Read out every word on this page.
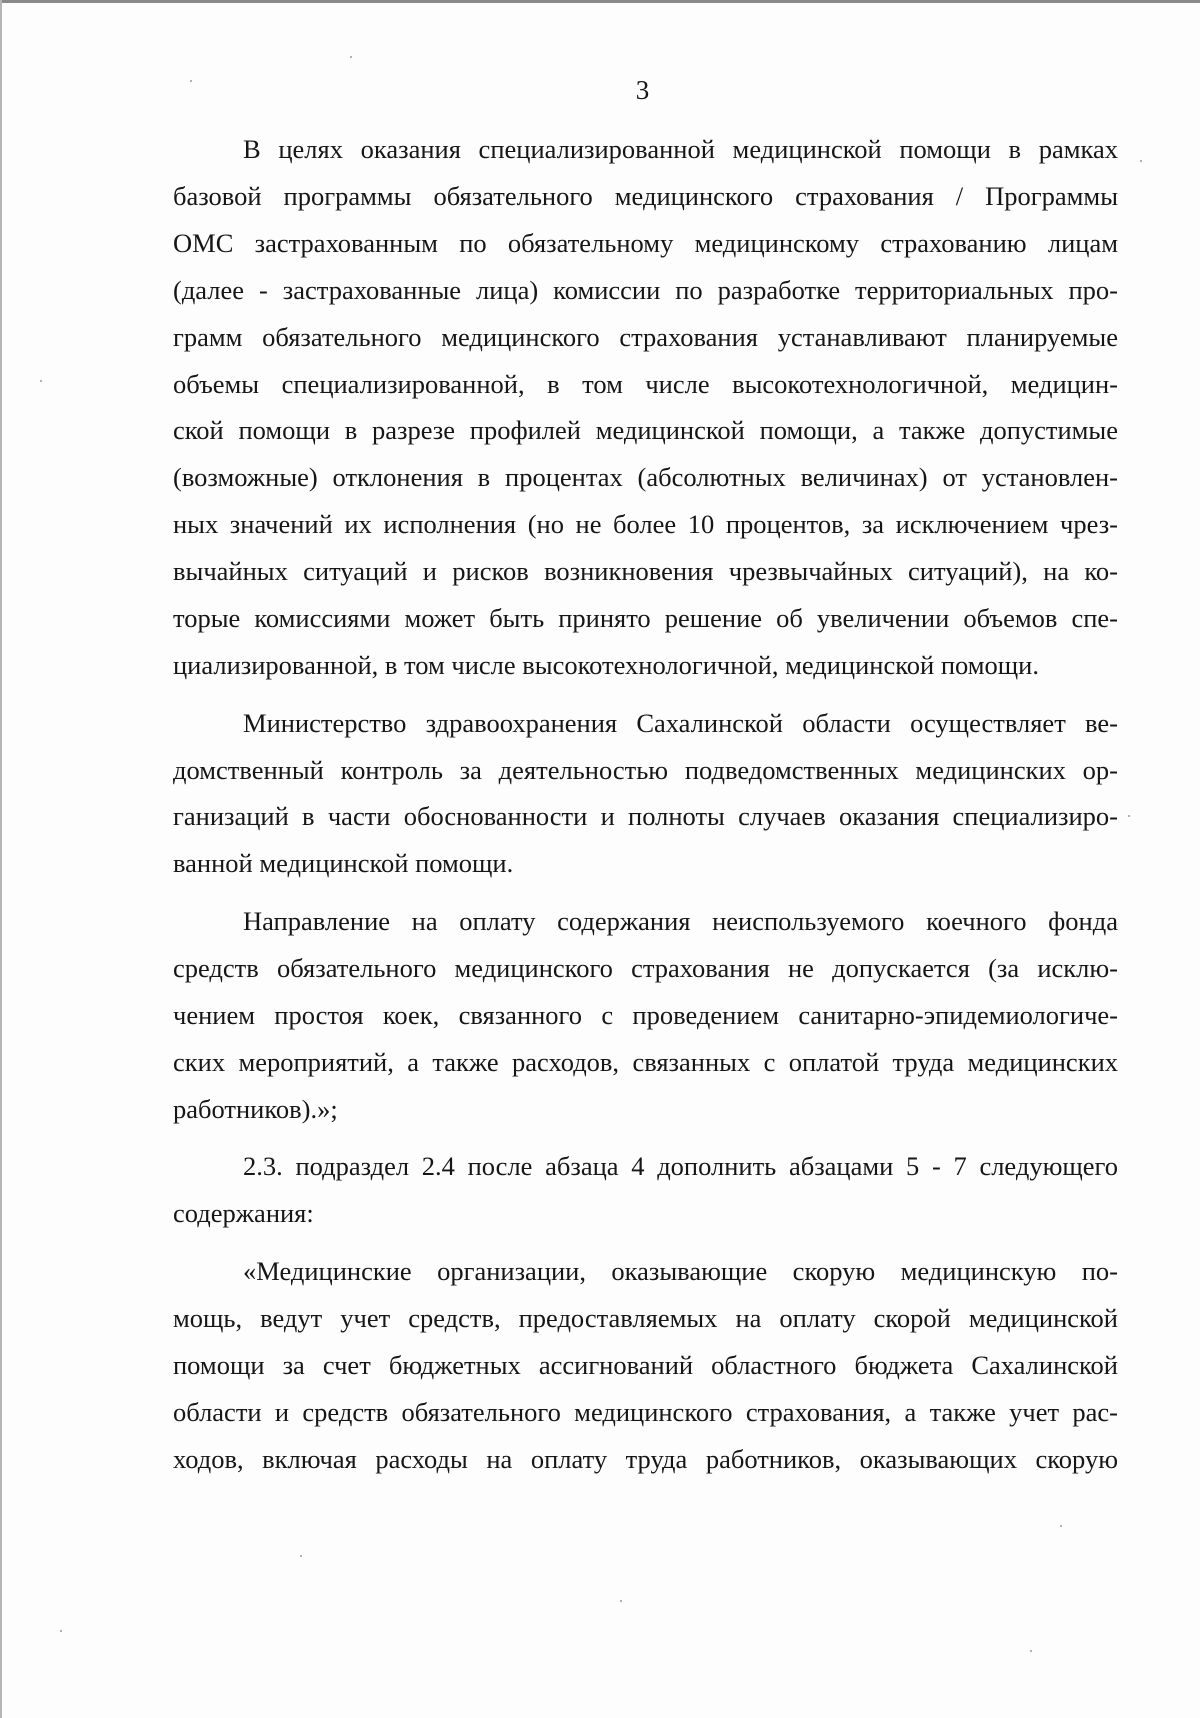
3
В целях оказания специализированной медицинской помощи в рамках
базовой программы обязательного медицинского страхования / Программы
ОМС застрахованным по обязательному медицинскому страхованию лицам
(далее - застрахованные лица) комиссии по разработке территориальных про-
грамм обязательного медицинского страхования устанавливают планируемые
объемы специализированной, в том числе высокотехнологичной, медицин-
ской помощи в разрезе профилей медицинской помощи, а также допустимые
(возможные) отклонения в процентах (абсолютных величинах) от установлен-
ных значений их исполнения (но не более 10 процентов, за исключением чрез-
вычайных ситуаций и рисков возникновения чрезвычайных ситуаций), на ко-
торые комиссиями может быть принято решение об увеличении объемов спе-
циализированной, в том числе высокотехнологичной, медицинской помощи.
Министерство здравоохранения Сахалинской области осуществляет ве-
домственный контроль за деятельностью подведомственных медицинских ор-
ганизаций в части обоснованности и полноты случаев оказания специализиро-
ванной медицинской помощи.
Направление на оплату содержания неиспользуемого коечного фонда
средств обязательного медицинского страхования не допускается (за исклю-
чением простоя коек, связанного с проведением санитарно-эпидемиологиче-
ских мероприятий, а также расходов, связанных с оплатой труда медицинских
работников).»;
2.3. подраздел 2.4 после абзаца 4 дополнить абзацами 5 - 7 следующего
содержания:
«Медицинские организации, оказывающие скорую медицинскую по-
мощь, ведут учет средств, предоставляемых на оплату скорой медицинской
помощи за счет бюджетных ассигнований областного бюджета Сахалинской
области и средств обязательного медицинского страхования, а также учет рас-
ходов, включая расходы на оплату труда работников, оказывающих скорую
